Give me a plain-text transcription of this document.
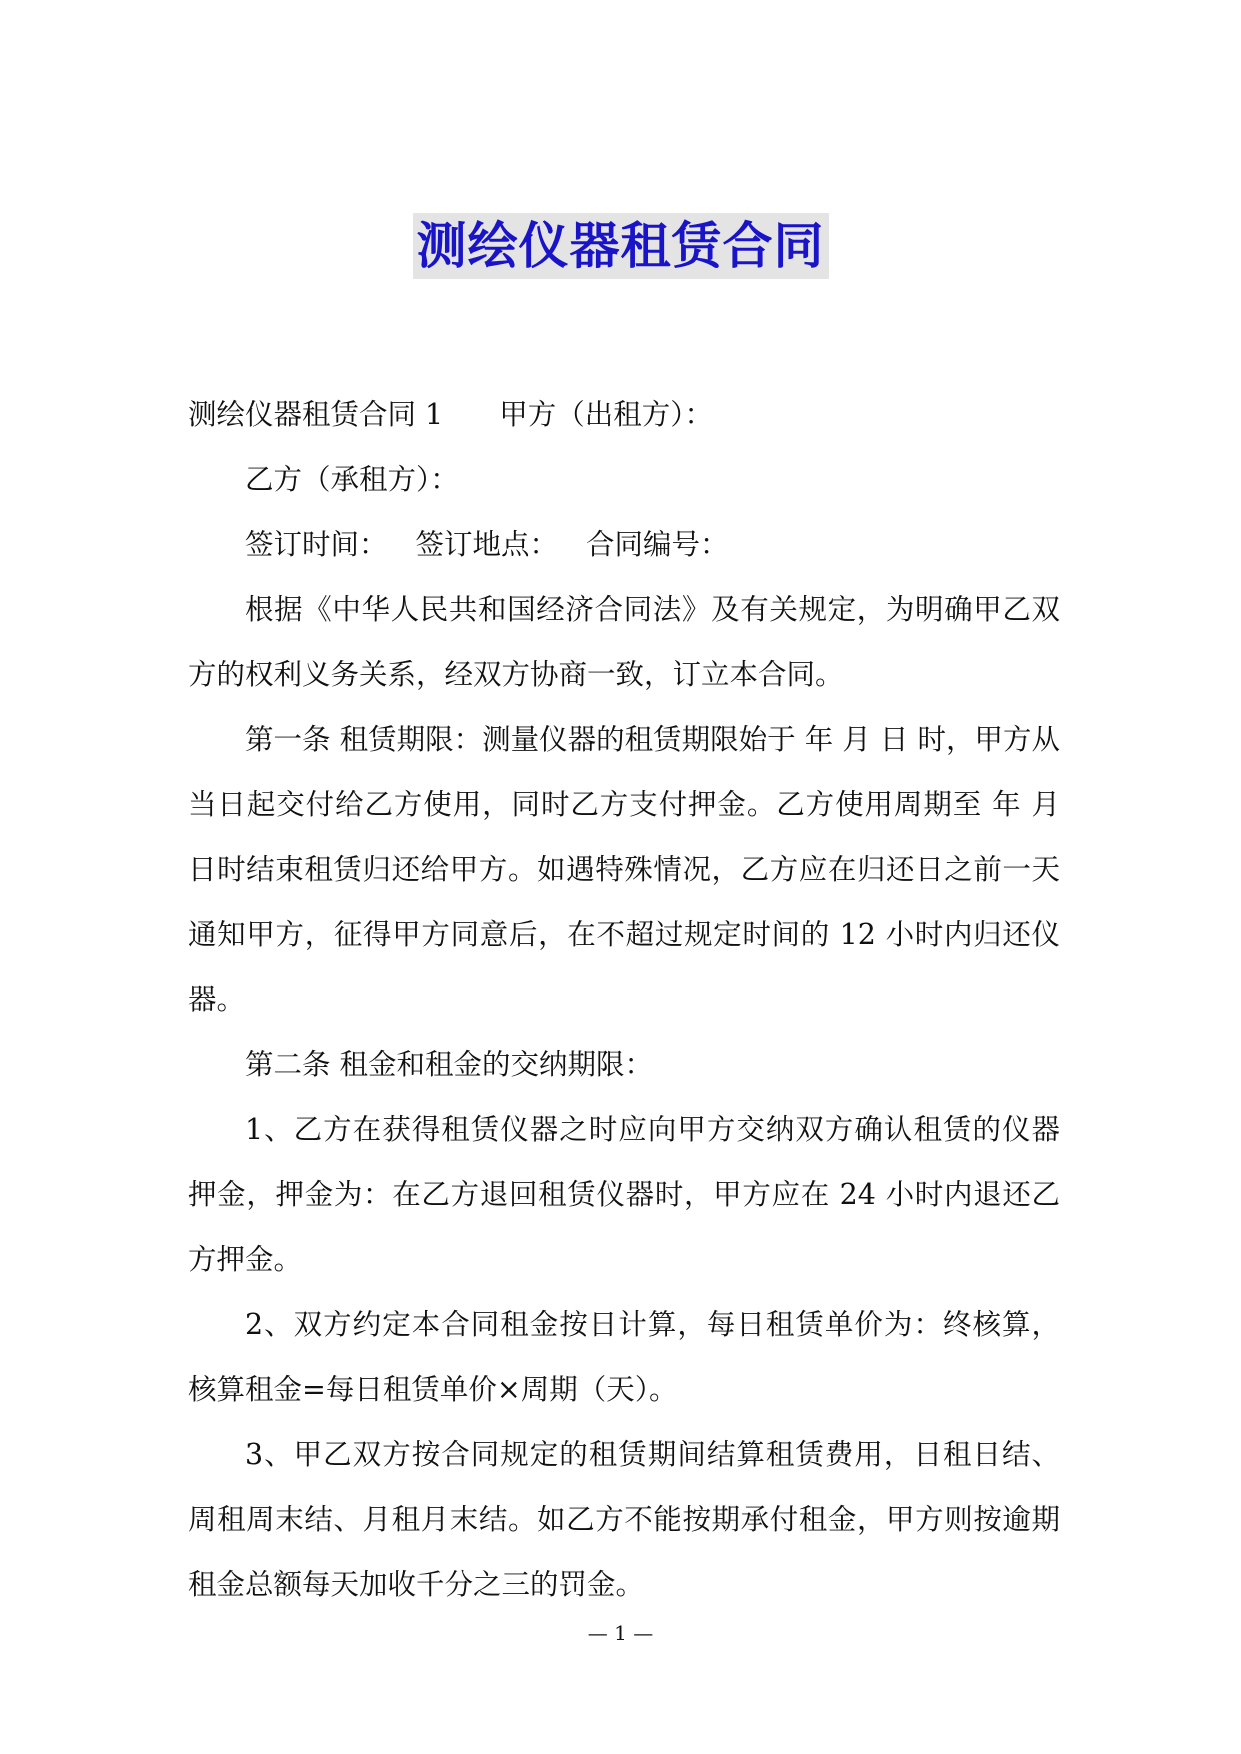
测绘仪器租赁合同

测绘仪器租赁合同 1 甲方（出租方）：

乙方（承租方）：

签订时间： 签订地点： 合同编号：

根据《中华人民共和国经济合同法》及有关规定，为明确甲乙双方的权利义务关系，经双方协商一致，订立本合同。

第一条 租赁期限：测量仪器的租赁期限始于 年 月 日 时，甲方从当日起交付给乙方使用，同时乙方支付押金。乙方使用周期至 年 月 日时结束租赁归还给甲方。如遇特殊情况，乙方应在归还日之前一天通知甲方，征得甲方同意后，在不超过规定时间的 12 小时内归还仪器。

第二条 租金和租金的交纳期限：

1、乙方在获得租赁仪器之时应向甲方交纳双方确认租赁的仪器押金，押金为：在乙方退回租赁仪器时，甲方应在 24 小时内退还乙方押金。

2、双方约定本合同租金按日计算，每日租赁单价为：终核算，核算租金=每日租赁单价×周期（天）。

3、甲乙双方按合同规定的租赁期间结算租赁费用，日租日结、周租周末结、月租月末结。如乙方不能按期承付租金，甲方则按逾期租金总额每天加收千分之三的罚金。

— 1 —
